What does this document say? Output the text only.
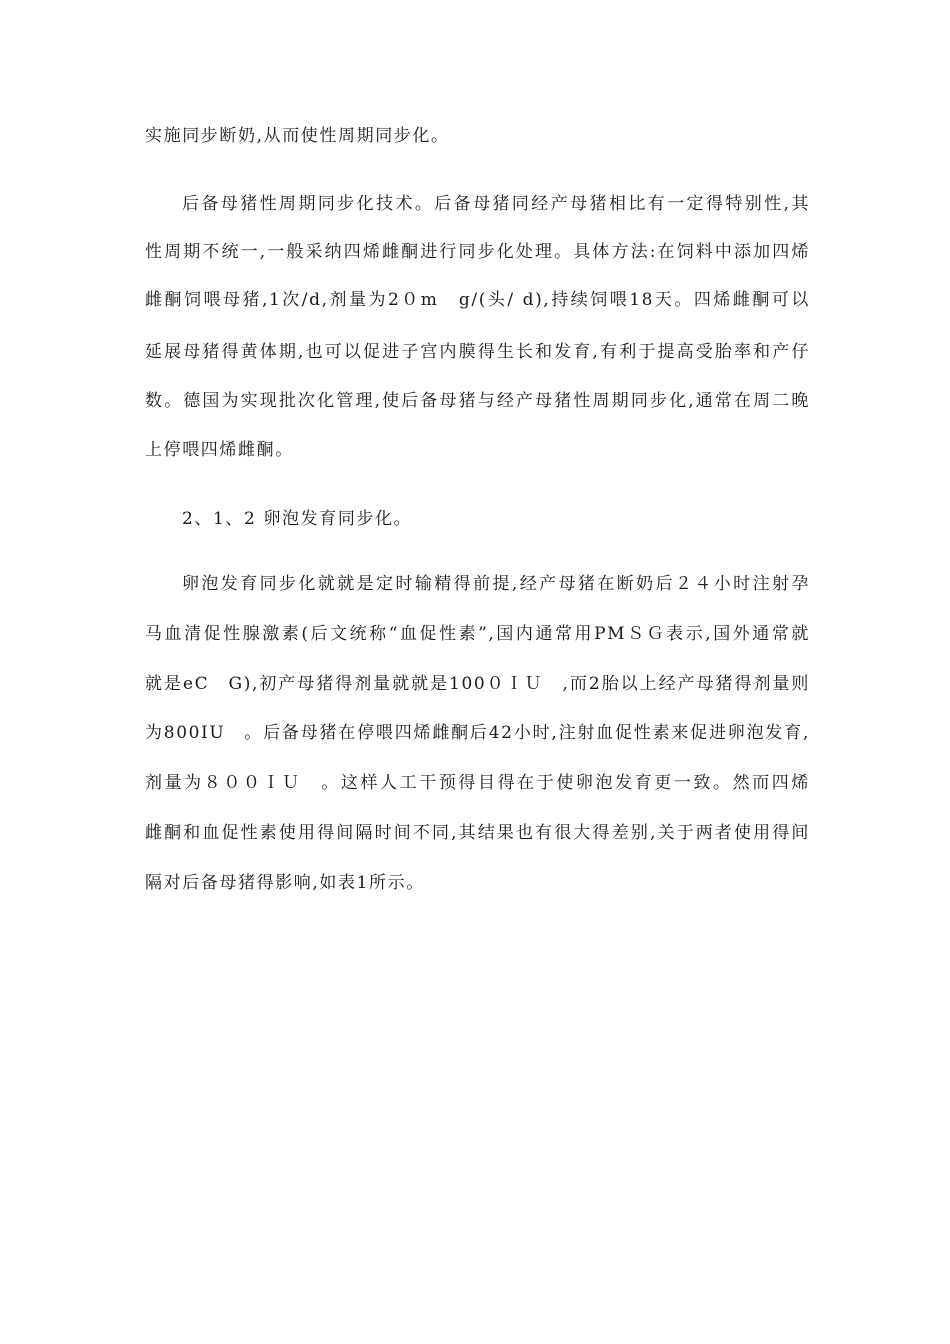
实施同步断奶,从而使性周期同步化。
后备母猪性周期同步化技术。后备母猪同经产母猪相比有一定得特别性,其
性周期不统一,一般采纳四烯雌酮进行同步化处理。具体方法:在饲料中添加四烯
雌酮饲喂母猪,1次/d,剂量为2０m　g/(头/ d),持续饲喂18天。四烯雌酮可以
延展母猪得黄体期,也可以促进子宫内膜得生长和发育,有利于提高受胎率和产仔
数。德国为实现批次化管理,使后备母猪与经产母猪性周期同步化,通常在周二晚
上停喂四烯雌酮。
2、1、2 卵泡发育同步化。
卵泡发育同步化就就是定时输精得前提,经产母猪在断奶后２４小时注射孕
马血清促性腺激素(后文统称“血促性素”,国内通常用PMＳＧ表示,国外通常就
就是eC　G),初产母猪得剂量就就是100０ＩＵ　,而2胎以上经产母猪得剂量则
为800IU　。后备母猪在停喂四烯雌酮后42小时,注射血促性素来促进卵泡发育,
剂量为８００ＩＵ　。这样人工干预得目得在于使卵泡发育更一致。然而四烯
雌酮和血促性素使用得间隔时间不同,其结果也有很大得差别,关于两者使用得间
隔对后备母猪得影响,如表1所示。
